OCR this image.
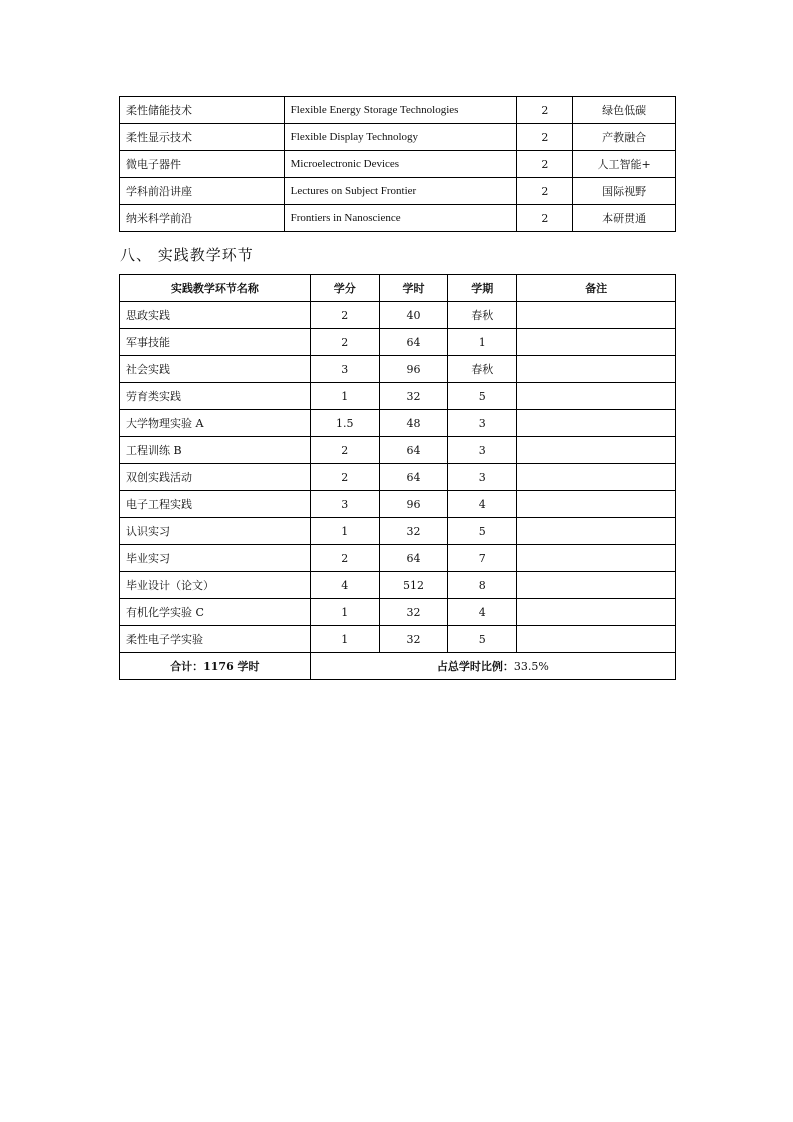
柔性储能技术	Flexible Energy Storage Technologies	2	绿色低碳
柔性显示技术	Flexible Display Technology	2	产教融合
微电子器件	Microelectronic Devices	2	人工智能+
学科前沿讲座	Lectures on Subject Frontier	2	国际视野
纳米科学前沿	Frontiers in Nanoscience	2	本研贯通
八、 实践教学环节
实践教学环节名称	学分	学时	学期	备注
思政实践	2	40	春秋	
军事技能	2	64	1	
社会实践	3	96	春秋	
劳育类实践	1	32	5	
大学物理实验 A	1.5	48	3	
工程训练 B	2	64	3	
双创实践活动	2	64	3	
电子工程实践	3	96	4	
认识实习	1	32	5	
毕业实习	2	64	7	
毕业设计（论文）	4	512	8	
有机化学实验 C	1	32	4	
柔性电子学实验	1	32	5	
合计：1176 学时	占总学时比例：33.5%			
